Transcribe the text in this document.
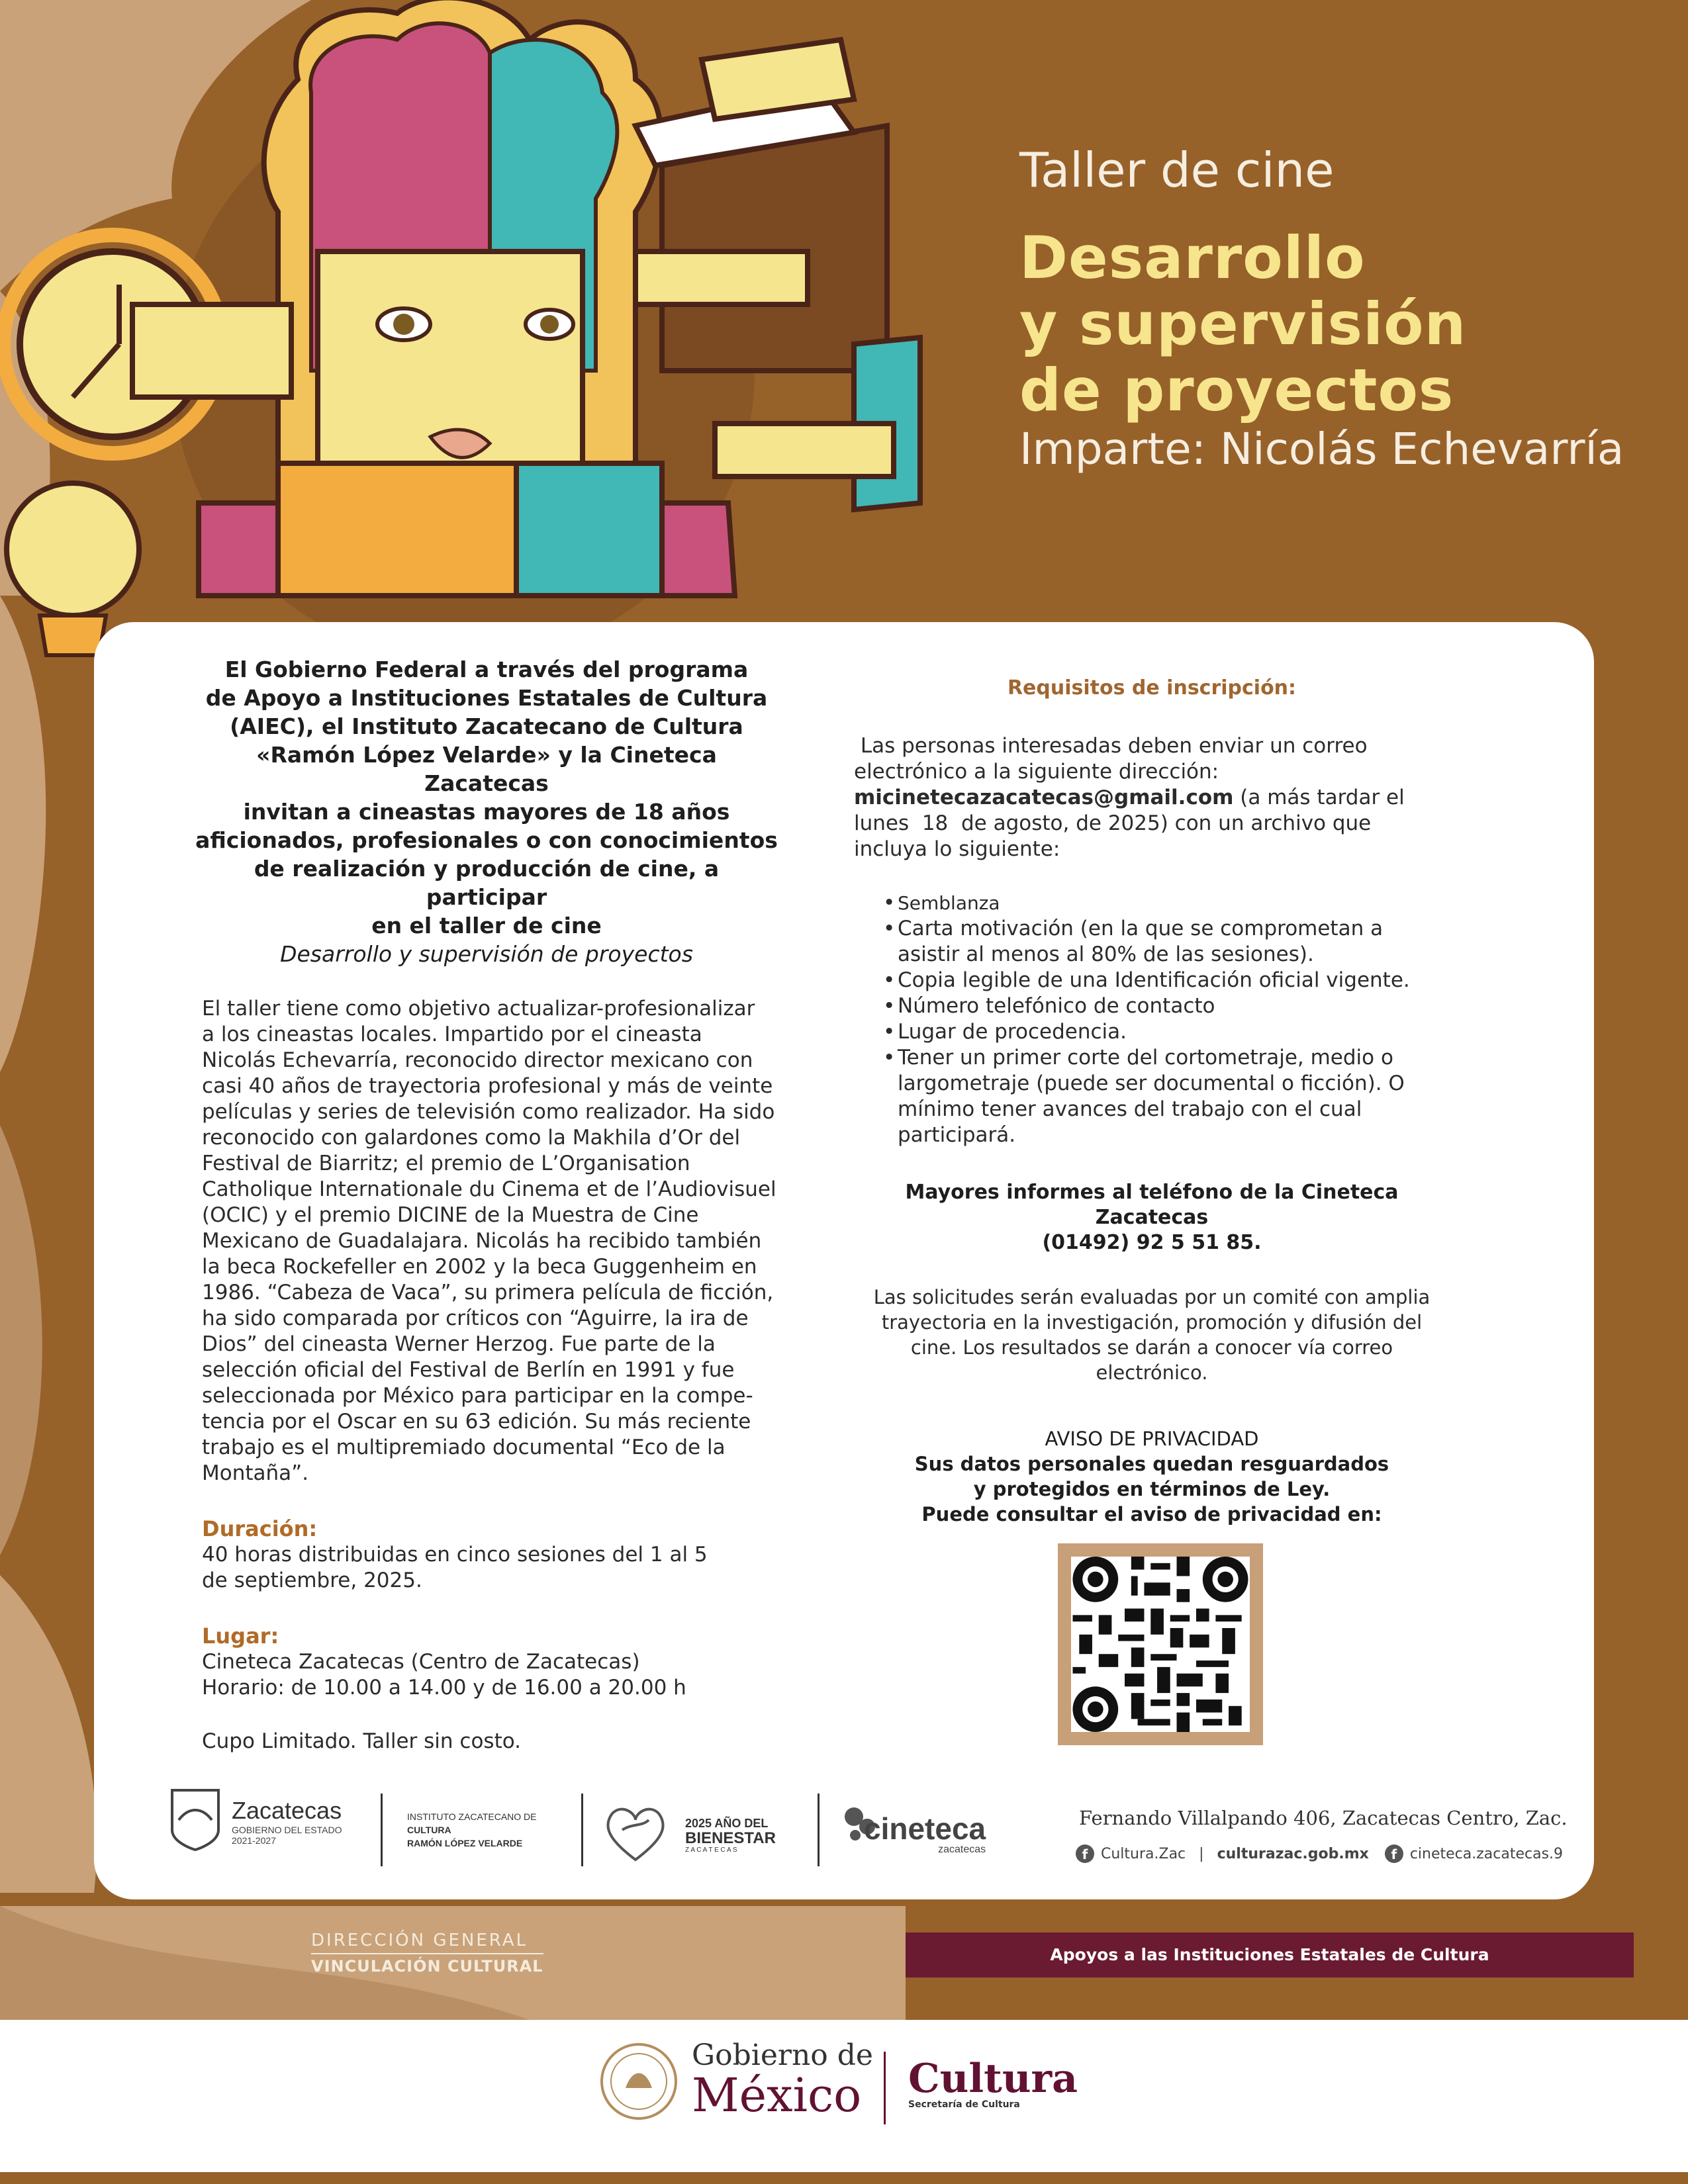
Taller de cine
Desarrollo
y supervisión
de proyectos
Imparte: Nicolás Echevarría
El Gobierno Federal a través del programa
de Apoyo a Instituciones Estatales de Cultura
(AIEC), el Instituto Zacatecano de Cultura
«Ramón López Velarde» y la Cineteca Zacatecas
invitan a cineastas mayores de 18 años
aficionados, profesionales o con conocimientos
de realización y producción de cine, a participar
en el taller de cine
Desarrollo y supervisión de proyectos
El taller tiene como objetivo actualizar-profesionalizar
a los cineastas locales. Impartido por el cineasta
Nicolás Echevarría, reconocido director mexicano con
casi 40 años de trayectoria profesional y más de veinte
películas y series de televisión como realizador. Ha sido
reconocido con galardones como la Makhila d’Or del
Festival de Biarritz; el premio de L’Organisation
Catholique Internationale du Cinema et de l’Audiovisuel
(OCIC) y el premio DICINE de la Muestra de Cine
Mexicano de Guadalajara. Nicolás ha recibido también
la beca Rockefeller en 2002 y la beca Guggenheim en
1986. “Cabeza de Vaca”, su primera película de ficción,
ha sido comparada por críticos con “Aguirre, la ira de
Dios” del cineasta Werner Herzog. Fue parte de la
selección oficial del Festival de Berlín en 1991 y fue
seleccionada por México para participar en la compe-
tencia por el Oscar en su 63 edición. Su más reciente
trabajo es el multipremiado documental “Eco de la
Montaña”.
Duración:
40 horas distribuidas en cinco sesiones del 1 al 5
de septiembre, 2025.
Lugar:
Cineteca Zacatecas (Centro de Zacatecas)
Horario: de 10.00 a 14.00 y de 16.00 a 20.00 h
Cupo Limitado. Taller sin costo.
Requisitos de inscripción:
Las personas interesadas deben enviar un correo
electrónico a la siguiente dirección:
micinetecazacatecas@gmail.com (a más tardar el
lunes  18  de agosto, de 2025) con un archivo que
incluya lo siguiente:
• Semblanza
• Carta motivación (en la que se comprometan a
asistir al menos al 80% de las sesiones).
• Copia legible de una Identificación oficial vigente.
• Número telefónico de contacto
• Lugar de procedencia.
• Tener un primer corte del cortometraje, medio o
largometraje (puede ser documental o ficción). O
mínimo tener avances del trabajo con el cual
participará.
Mayores informes al teléfono de la Cineteca Zacatecas
(01492) 92 5 51 85.
Las solicitudes serán evaluadas por un comité con amplia
trayectoria en la investigación, promoción y difusión del
cine. Los resultados se darán a conocer vía correo
electrónico.
AVISO DE PRIVACIDAD
Sus datos personales quedan resguardados
y protegidos en términos de Ley.
Puede consultar el aviso de privacidad en:
Zacatecas
GOBIERNO DEL ESTADO
2021-2027
INSTITUTO ZACATECANO DE
CULTURA
RAMÓN LÓPEZ VELARDE
2025 AÑO DEL
BIENESTAR
Z A C A T E C A S
cineteca
zacatecas
Fernando Villalpando 406, Zacatecas Centro, Zac.
f Cultura.Zac | culturazac.gob.mx	f cineteca.zacatecas.9
DIRECCIÓN GENERAL
VINCULACIÓN CULTURAL
Apoyos a las Instituciones Estatales de Cultura
Gobierno de
México Cultura
Secretaría de Cultura
